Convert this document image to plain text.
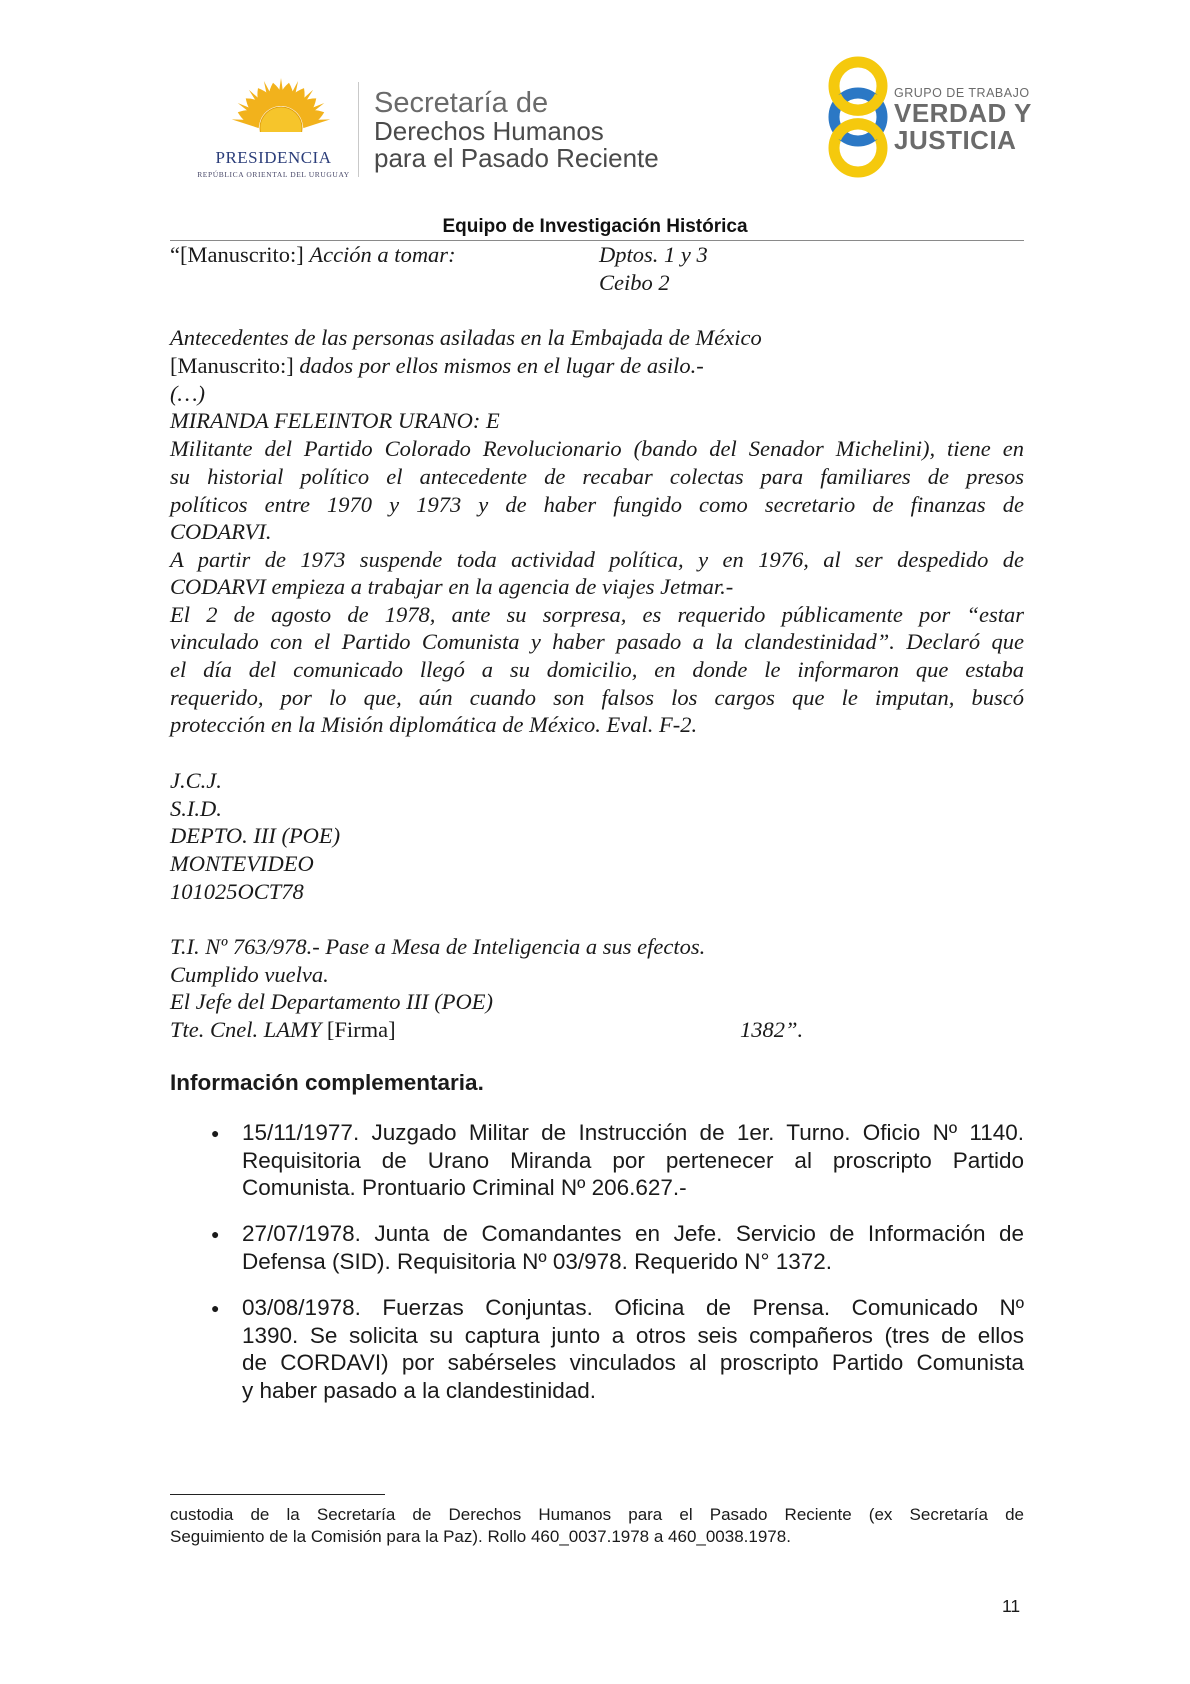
PRESIDENCIA
REPÚBLICA ORIENTAL DEL URUGUAY
Secretaría de
Derechos Humanos
para el Pasado Reciente
GRUPO DE TRABAJO
VERDAD Y
JUSTICIA
Equipo de Investigación Histórica
“[Manuscrito:] Acción a tomar:	Dptos. 1 y 3
Ceibo 2
Antecedentes de las personas asiladas en la Embajada de México
[Manuscrito:] dados por ellos mismos en el lugar de asilo.-
(…)
MIRANDA FELEINTOR URANO: E
Militante del Partido Colorado Revolucionario (bando del Senador Michelini), tiene en
su historial político el antecedente de recabar colectas para familiares de presos
políticos entre 1970 y 1973 y de haber fungido como secretario de finanzas de
CODARVI.
A partir de 1973 suspende toda actividad política, y en 1976, al ser despedido de
CODARVI empieza a trabajar en la agencia de viajes Jetmar.-
El 2 de agosto de 1978, ante su sorpresa, es requerido públicamente por “estar
vinculado con el Partido Comunista y haber pasado a la clandestinidad”. Declaró que
el día del comunicado llegó a su domicilio, en donde le informaron que estaba
requerido, por lo que, aún cuando son falsos los cargos que le imputan, buscó
protección en la Misión diplomática de México. Eval. F-2.
J.C.J.
S.I.D.
DEPTO. III (POE)
MONTEVIDEO
101025OCT78
T.I. Nº 763/978.- Pase a Mesa de Inteligencia a sus efectos.
Cumplido vuelva.
El Jefe del Departamento III (POE)
Tte. Cnel. LAMY [Firma]	1382”.
Información complementaria.
● 15/11/1977. Juzgado Militar de Instrucción de 1er. Turno. Oficio Nº 1140.
Requisitoria de Urano Miranda por pertenecer al proscripto Partido
Comunista. Prontuario Criminal Nº 206.627.-
● 27/07/1978. Junta de Comandantes en Jefe. Servicio de Información de
Defensa (SID). Requisitoria Nº 03/978. Requerido N° 1372.
● 03/08/1978. Fuerzas Conjuntas. Oficina de Prensa. Comunicado Nº
1390. Se solicita su captura junto a otros seis compañeros (tres de ellos
de CORDAVI) por sabérseles vinculados al proscripto Partido Comunista
y haber pasado a la clandestinidad.
custodia de la Secretaría de Derechos Humanos para el Pasado Reciente (ex Secretaría de
Seguimiento de la Comisión para la Paz). Rollo 460_0037.1978 a 460_0038.1978.
11
